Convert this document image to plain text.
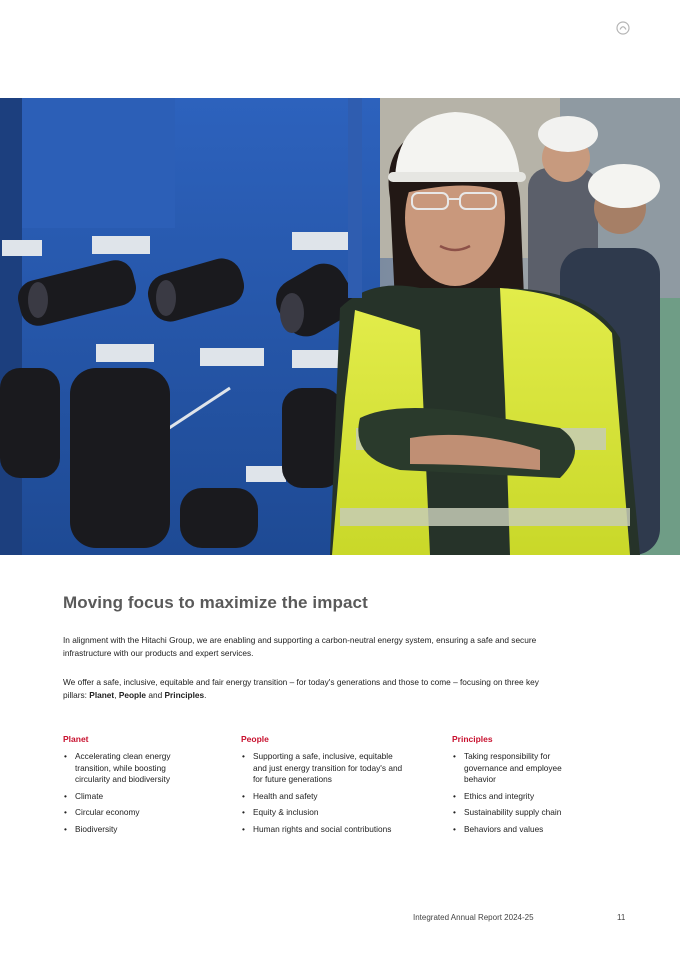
Moving focus to maximize the impact

In alignment with the Hitachi Group, we are enabling and supporting a carbon-neutral energy system, ensuring a safe and secure infrastructure with our products and expert services.

We offer a safe, inclusive, equitable and fair energy transition – for today's generations and those to come – focusing on three key pillars: Planet, People and Principles.

Planet
• Accelerating clean energy transition, while boosting circularity and biodiversity
• Climate
• Circular economy
• Biodiversity
People
• Supporting a safe, inclusive, equitable and just energy transition for today's and for future generations
• Health and safety
• Equity & inclusion
• Human rights and social contributions
Principles
• Taking responsibility for governance and employee behavior
• Ethics and integrity
• Sustainability supply chain
• Behaviors and values
Integrated Annual Report 2024-25	11
